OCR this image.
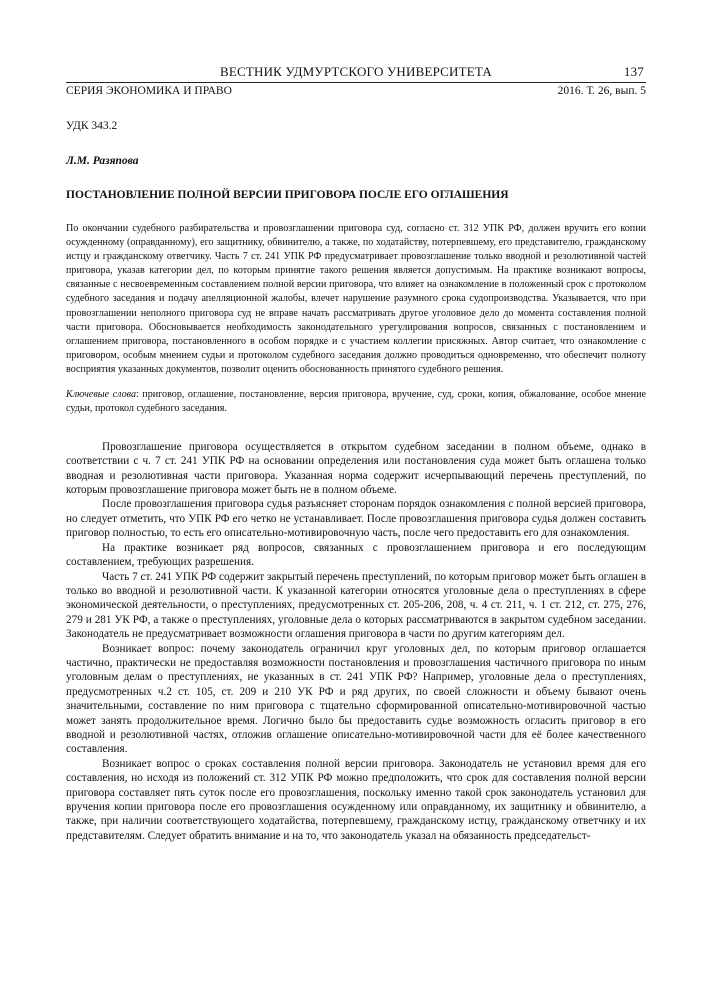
ВЕСТНИК УДМУРТСКОГО УНИВЕРСИТЕТА	137
СЕРИЯ ЭКОНОМИКА И ПРАВО	2016. Т. 26, вып. 5
УДК 343.2
Л.М. Разяпова
ПОСТАНОВЛЕНИЕ ПОЛНОЙ ВЕРСИИ ПРИГОВОРА ПОСЛЕ ЕГО ОГЛАШЕНИЯ
По окончании судебного разбирательства и провозглашении приговора суд, согласно ст. 312 УПК РФ, должен вручить его копии осужденному (оправданному), его защитнику, обвинителю, а также, по ходатайству, потерпевшему, его представителю, гражданскому истцу и гражданскому ответчику. Часть 7 ст. 241 УПК РФ предусматривает провозглашение только вводной и резолютивной частей приговора, указав категории дел, по которым принятие такого решения является допустимым. На практике возникают вопросы, связанные с несвоевременным составлением полной версии приговора, что влияет на ознакомление в положенный срок с протоколом судебного заседания и подачу апелляционной жалобы, влечет нарушение разумного срока судопроизводства. Указывается, что при провозглашении неполного приговора суд не вправе начать рассматривать другое уголовное дело до момента составления полной части приговора. Обосновывается необходимость законодательного урегулирования вопросов, связанных с постановлением и оглашением приговора, постановленного в особом порядке и с участием коллегии присяжных. Автор считает, что ознакомление с приговором, особым мнением судьи и протоколом судебного заседания должно проводиться одновременно, что обеспечит полноту восприятия указанных документов, позволит оценить обоснованность принятого судебного решения.
Ключевые слова: приговор, оглашение, постановление, версия приговора, вручение, суд, сроки, копия, обжалование, особое мнение судьи, протокол судебного заседания.

Провозглашение приговора осуществляется в открытом судебном заседании в полном объеме, однако в соответствии с ч. 7 ст. 241 УПК РФ на основании определения или постановления суда может быть оглашена только вводная и резолютивная части приговора. Указанная норма содержит исчерпывающий перечень преступлений, по которым провозглашение приговора может быть не в полном объеме.

После провозглашения приговора судья разъясняет сторонам порядок ознакомления с полной версией приговора, но следует отметить, что УПК РФ его четко не устанавливает. После провозглашения приговора судья должен составить приговор полностью, то есть его описательно-мотивировочную часть, после чего предоставить его для ознакомления.

На практике возникает ряд вопросов, связанных с провозглашением приговора и его последующим составлением, требующих разрешения.

Часть 7 ст. 241 УПК РФ содержит закрытый перечень преступлений, по которым приговор может быть оглашен в только во вводной и резолютивной части. К указанной категории относятся уголовные дела о преступлениях в сфере экономической деятельности, о преступлениях, предусмотренных ст. 205-206, 208, ч. 4 ст. 211, ч. 1 ст. 212, ст. 275, 276, 279 и 281 УК РФ, а также о преступлениях, уголовные дела о которых рассматриваются в закрытом судебном заседании. Законодатель не предусматривает возможности оглашения приговора в части по другим категориям дел.

Возникает вопрос: почему законодатель ограничил круг уголовных дел, по которым приговор оглашается частично, практически не предоставляя возможности постановления и провозглашения частичного приговора по иным уголовным делам о преступлениях, не указанных в ст. 241 УПК РФ? Например, уголовные дела о преступлениях, предусмотренных ч.2 ст. 105, ст. 209 и 210 УК РФ и ряд других, по своей сложности и объему бывают очень значительными, составление по ним приговора с тщательно сформированной описательно-мотивировочной частью может занять продолжительное время. Логично было бы предоставить судье возможность огласить приговор в его вводной и резолютивной частях, отложив оглашение описательно-мотивировочной части для её более качественного составления.

Возникает вопрос о сроках составления полной версии приговора. Законодатель не установил время для его составления, но исходя из положений ст. 312 УПК РФ можно предположить, что срок для составления полной версии приговора составляет пять суток после его провозглашения, поскольку именно такой срок законодатель установил для вручения копии приговора после его провозглашения осужденному или оправданному, их защитнику и обвинителю, а также, при наличии соответствующего ходатайства, потерпевшему, гражданскому истцу, гражданскому ответчику и их представителям. Следует обратить внимание и на то, что законодатель указал на обязанность председательст-
